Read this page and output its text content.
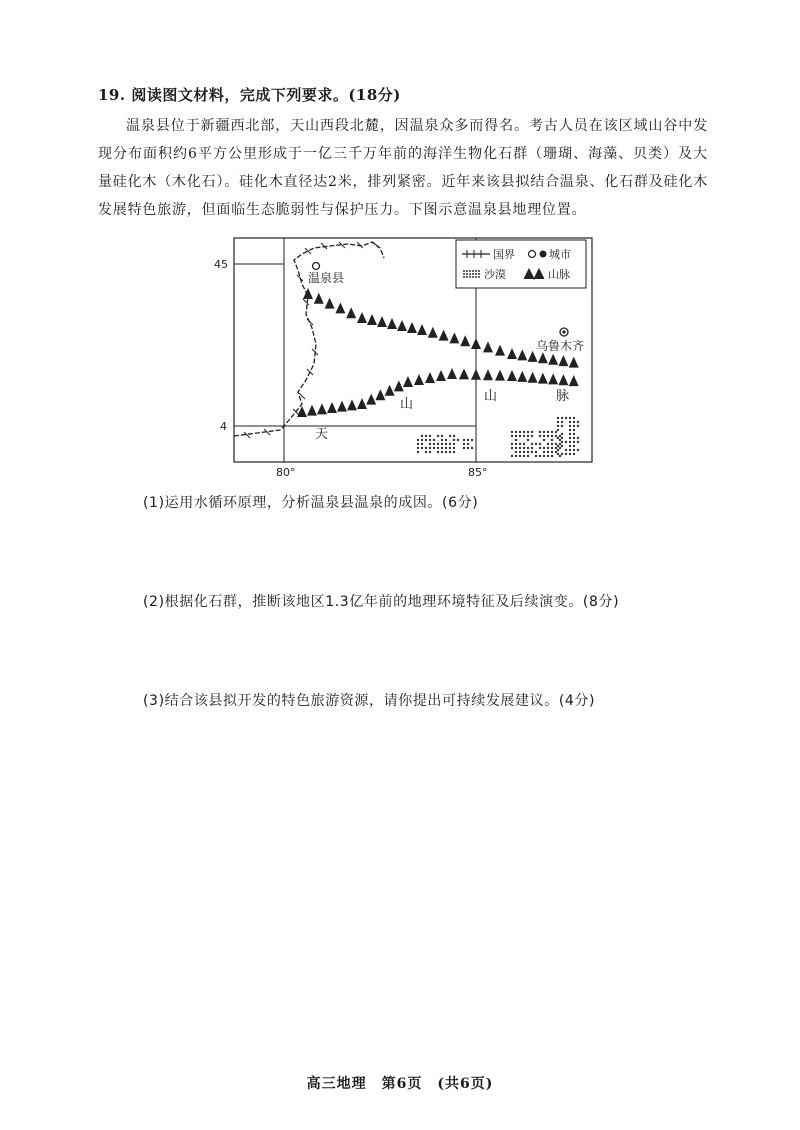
19. 阅读图文材料，完成下列要求。(18分)
温泉县位于新疆西北部，天山西段北麓，因温泉众多而得名。考古人员在该区域山谷中发现分布面积约6平方公里形成于一亿三千万年前的海洋生物化石群（珊瑚、海藻、贝类）及大量硅化木（木化石）。硅化木直径达2米，排列紧密。近年来该县拟结合温泉、化石群及硅化木发展特色旅游，但面临生态脆弱性与保护压力。下图示意温泉县地理位置。
国界	城市
沙漠	山脉
温泉县
乌鲁木齐
天
山
山	脉
45
4
80°	85°
(1)运用水循环原理，分析温泉县温泉的成因。(6分)
(2)根据化石群，推断该地区1.3亿年前的地理环境特征及后续演变。(8分)
(3)结合该县拟开发的特色旅游资源，请你提出可持续发展建议。(4分)
高三地理　第6页　(共6页)
